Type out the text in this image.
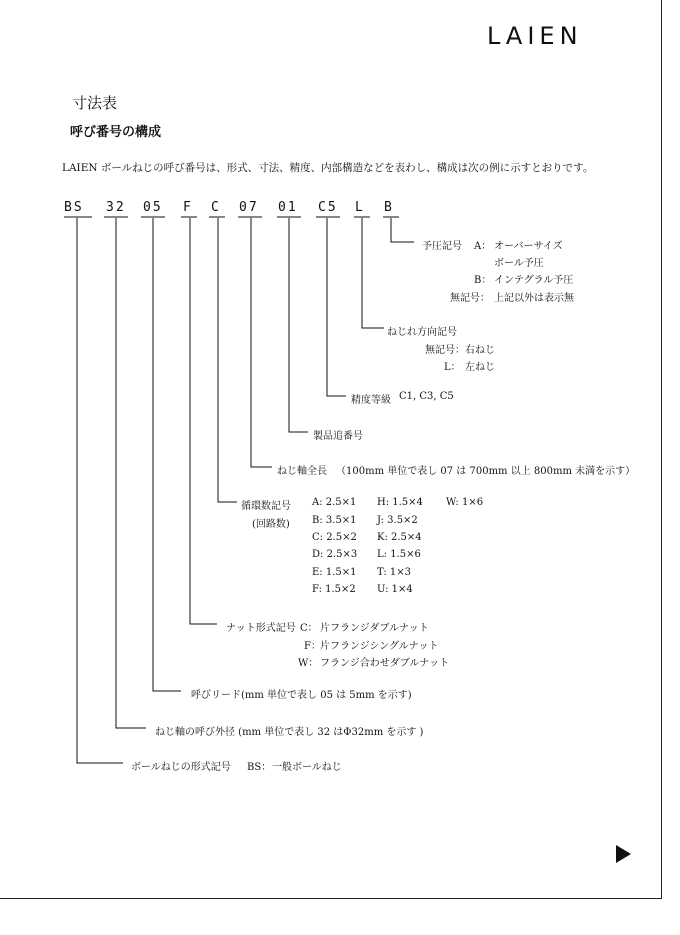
LAIEN
寸法表
呼び番号の構成
LAIEN ボールねじの呼び番号は、形式、寸法、精度、内部構造などを表わし、構成は次の例に示すとおりです。
BS 32 05 F C 07 01 C5 L B
予圧記号 A： オーバーサイズ
ボール予圧
B： インテグラル予圧
無記号： 上記以外は表示無
ねじれ方向記号
無記号： 右ねじ
L： 左ねじ
精度等級 C1, C3, C5
製品追番号
ねじ軸全長 （100mm 単位で表し 07 は 700mm 以上 800mm 未満を示す）
循環数記号
(回路数)
A: 2.5×1
B: 3.5×1
C: 2.5×2
D: 2.5×3
E: 1.5×1
F: 1.5×2
H: 1.5×4
J: 3.5×2
K: 2.5×4
L: 1.5×6
T: 1×3
U: 1×4
W: 1×6
ナット形式記号 C： 片フランジダブルナット
F： 片フランジシングルナット
W： フランジ合わせダブルナット
呼びリード(mm 単位で表し 05 は 5mm を示す)
ねじ軸の呼び外径 (mm 単位で表し 32 はΦ32mm を示す )
ボールねじの形式記号 BS： 一般ボールねじ
